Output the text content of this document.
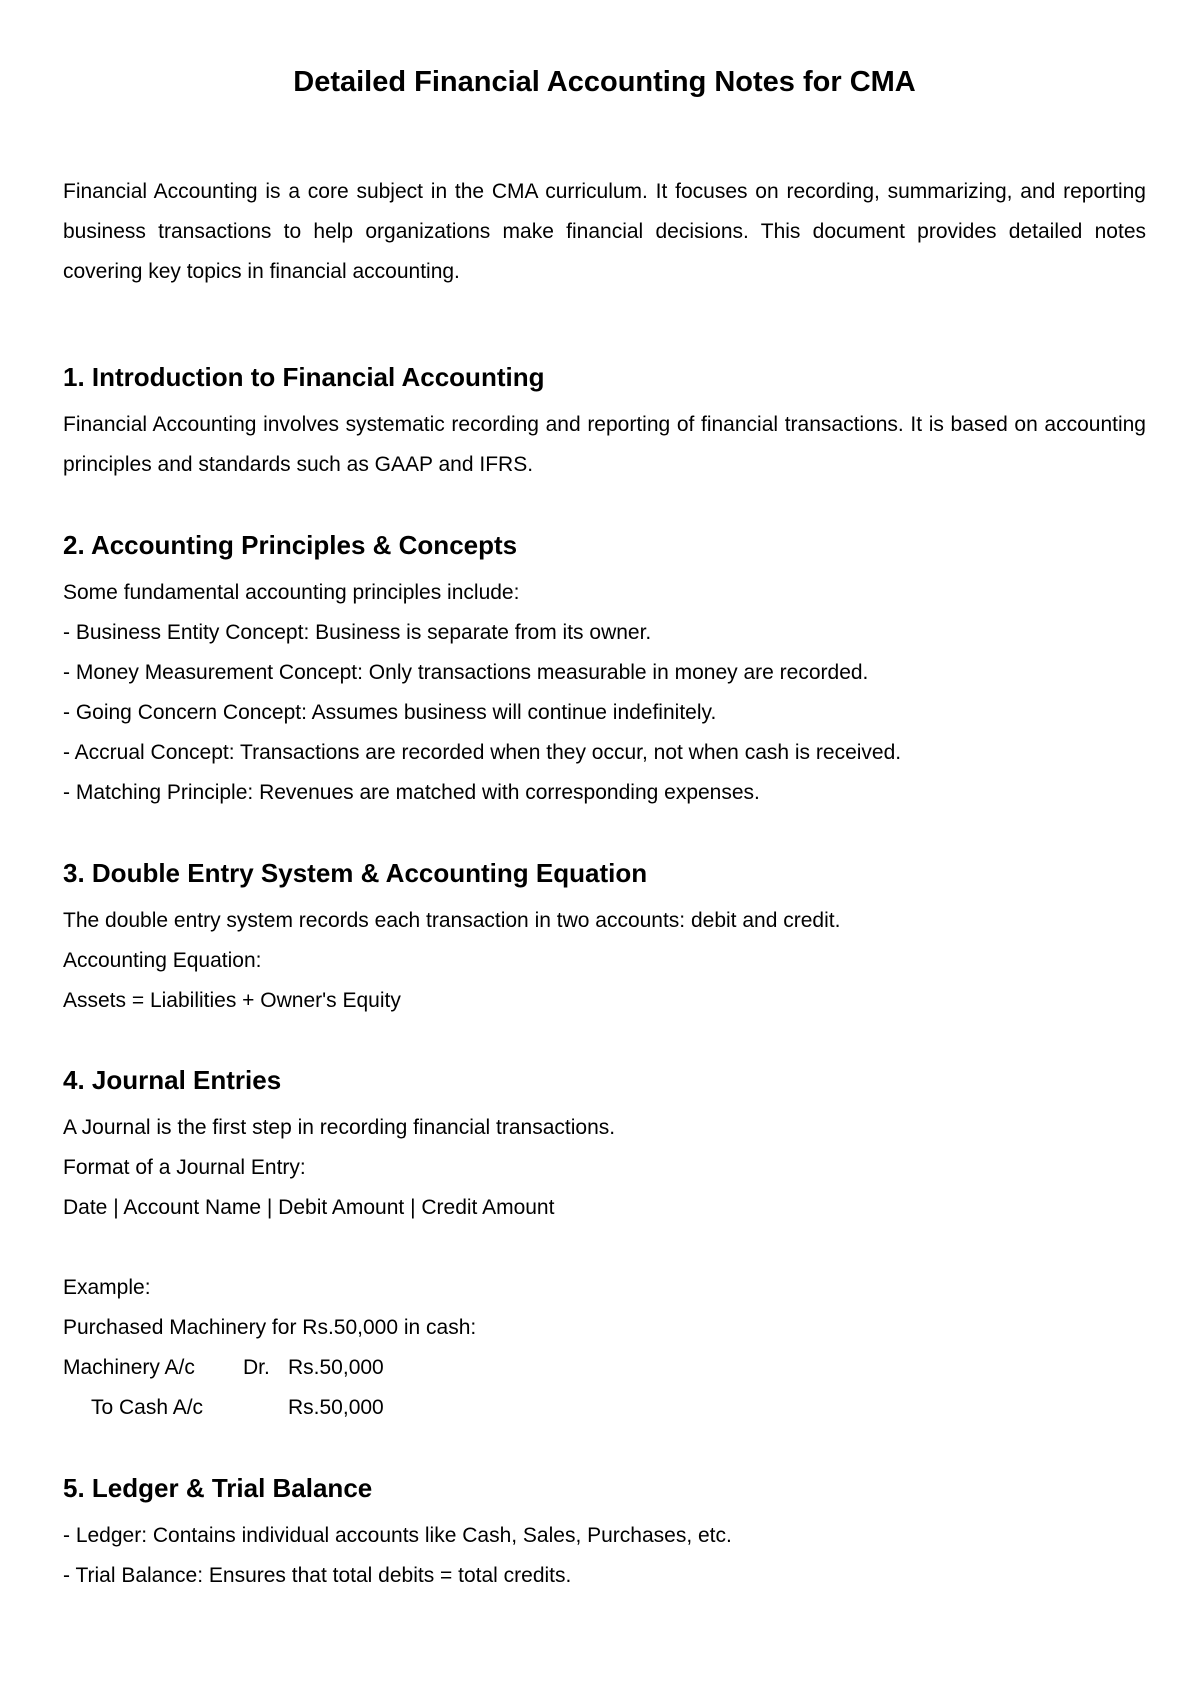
Detailed Financial Accounting Notes for CMA

Financial Accounting is a core subject in the CMA curriculum. It focuses on recording, summarizing, and reporting business transactions to help organizations make financial decisions. This document provides detailed notes covering key topics in financial accounting.

1. Introduction to Financial Accounting

Financial Accounting involves systematic recording and reporting of financial transactions. It is based on accounting principles and standards such as GAAP and IFRS.

2. Accounting Principles & Concepts

Some fundamental accounting principles include:

- Business Entity Concept: Business is separate from its owner.

- Money Measurement Concept: Only transactions measurable in money are recorded.

- Going Concern Concept: Assumes business will continue indefinitely.

- Accrual Concept: Transactions are recorded when they occur, not when cash is received.

- Matching Principle: Revenues are matched with corresponding expenses.

3. Double Entry System & Accounting Equation

The double entry system records each transaction in two accounts: debit and credit.

Accounting Equation:

Assets = Liabilities + Owner's Equity

4. Journal Entries

A Journal is the first step in recording financial transactions.

Format of a Journal Entry:

Date | Account Name | Debit Amount | Credit Amount

Example:

Purchased Machinery for Rs.50,000 in cash:

Machinery A/c Dr. Rs.50,000

To Cash A/c	Rs.50,000

5. Ledger & Trial Balance

- Ledger: Contains individual accounts like Cash, Sales, Purchases, etc.

- Trial Balance: Ensures that total debits = total credits.
